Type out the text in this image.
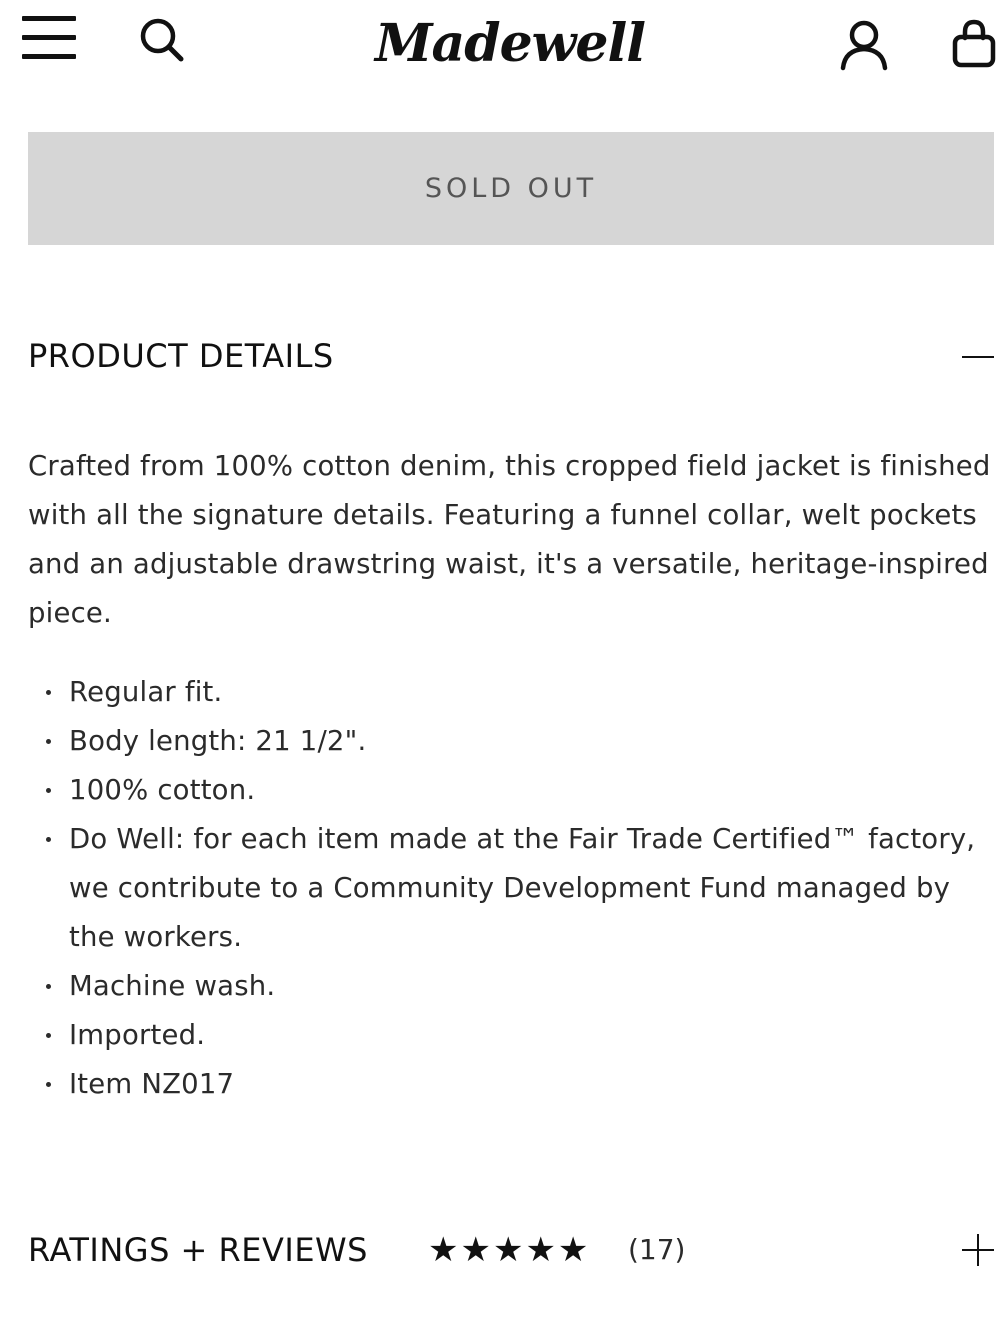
Madewell
SOLD OUT
PRODUCT DETAILS

Crafted from 100% cotton denim, this cropped field jacket is finished with all the signature details. Featuring a funnel collar, welt pockets and an adjustable drawstring waist, it's a versatile, heritage-inspired piece.

Regular fit.
Body length: 21 1/2".
100% cotton.
Do Well: for each item made at the Fair Trade Certified™ factory, we contribute to a Community Development Fund managed by the workers.
Machine wash.
Imported.
Item NZ017
RATINGS + REVIEWS ★★★★★ (17)
